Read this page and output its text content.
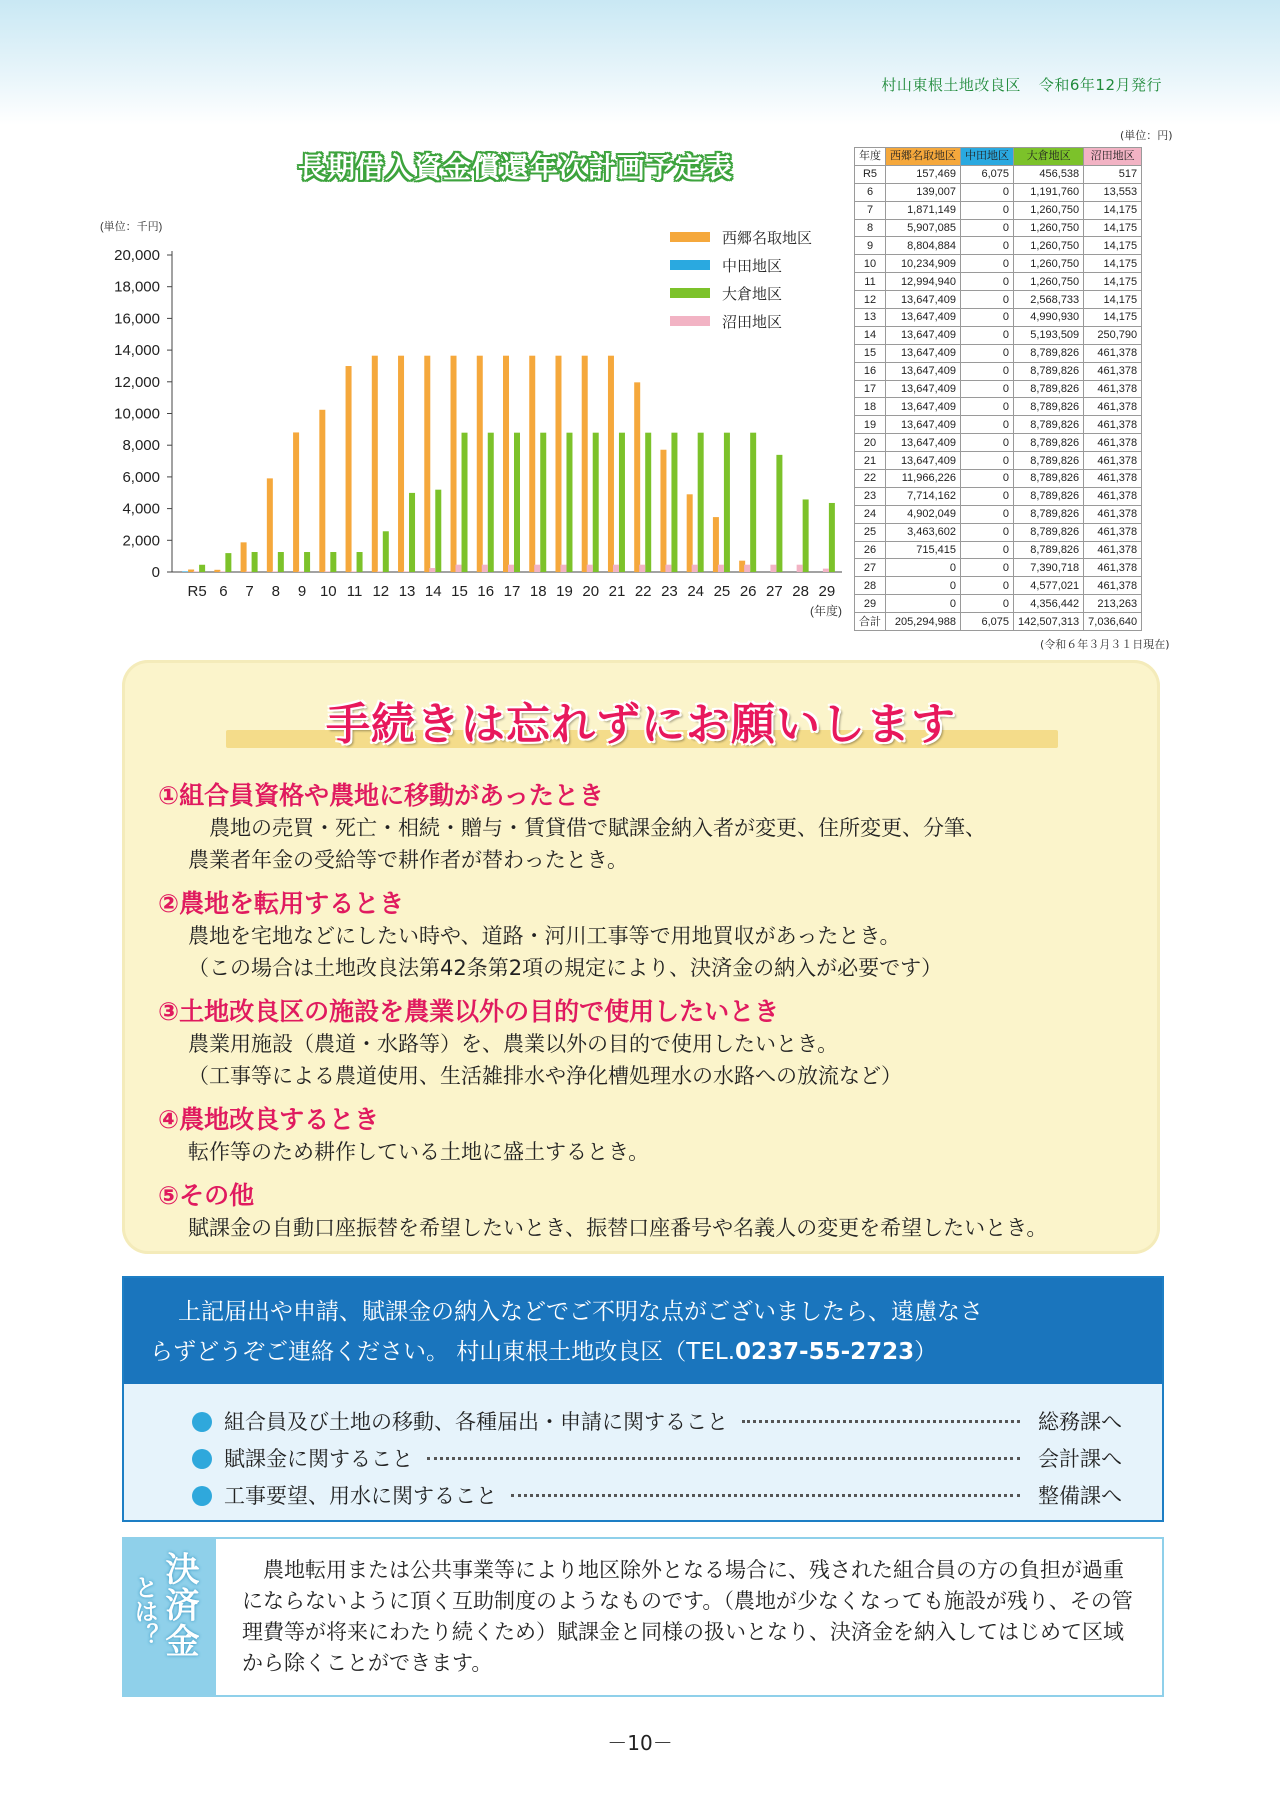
村山東根土地改良区 令和6年12月発行
長期借入資金償還年次計画予定表
(単位：千円)
0
2,000
4,000
6,000
8,000
10,000
12,000
14,000
16,000
18,000
20,000
R5 6 7 8 9 10 11 12 13 14 15 16 17 18 19 20 21 22 23 24 25 26 27 28 29
(年度)
西郷名取地区
中田地区
大倉地区
沼田地区
(単位：円)
年度	西郷名取地区	中田地区	大倉地区	沼田地区
R5	157,469	6,075	456,538	517
6	139,007	0	1,191,760	13,553
7	1,871,149	0	1,260,750	14,175
8	5,907,085	0	1,260,750	14,175
9	8,804,884	0	1,260,750	14,175
10	10,234,909	0	1,260,750	14,175
11	12,994,940	0	1,260,750	14,175
12	13,647,409	0	2,568,733	14,175
13	13,647,409	0	4,990,930	14,175
14	13,647,409	0	5,193,509	250,790
15	13,647,409	0	8,789,826	461,378
16	13,647,409	0	8,789,826	461,378
17	13,647,409	0	8,789,826	461,378
18	13,647,409	0	8,789,826	461,378
19	13,647,409	0	8,789,826	461,378
20	13,647,409	0	8,789,826	461,378
21	13,647,409	0	8,789,826	461,378
22	11,966,226	0	8,789,826	461,378
23	7,714,162	0	8,789,826	461,378
24	4,902,049	0	8,789,826	461,378
25	3,463,602	0	8,789,826	461,378
26	715,415	0	8,789,826	461,378
27	0	0	7,390,718	461,378
28	0	0	4,577,021	461,378
29	0	0	4,356,442	213,263
合計	205,294,988	6,075	142,507,313	7,036,640
(令和６年３月３１日現在)
手続きは忘れずにお願いします
①組合員資格や農地に移動があったとき
　農地の売買・死亡・相続・贈与・賃貸借で賦課金納入者が変更、住所変更、分筆、
農業者年金の受給等で耕作者が替わったとき。
②農地を転用するとき
農地を宅地などにしたい時や、道路・河川工事等で用地買収があったとき。
（この場合は土地改良法第42条第2項の規定により、決済金の納入が必要です）
③土地改良区の施設を農業以外の目的で使用したいとき
農業用施設（農道・水路等）を、農業以外の目的で使用したいとき。
（工事等による農道使用、生活雑排水や浄化槽処理水の水路への放流など）
④農地改良するとき
転作等のため耕作している土地に盛土するとき。
⑤その他
賦課金の自動口座振替を希望したいとき、振替口座番号や名義人の変更を希望したいとき。
上記届出や申請、賦課金の納入などでご不明な点がございましたら、遠慮なさ
らずどうぞご連絡ください。 村山東根土地改良区（TEL.0237-55-2723）
組合員及び土地の移動、各種届出・申請に関すること	総務課へ
賦課金に関すること	会計課へ
工事要望、用水に関すること	整備課へ
決済金
とは？
　農地転用または公共事業等により地区除外となる場合に、残された組合員の方の負担が過重にならないように頂く互助制度のようなものです。（農地が少なくなっても施設が残り、その管理費等が将来にわたり続くため）賦課金と同様の扱いとなり、決済金を納入してはじめて区域から除くことができます。
－10－
